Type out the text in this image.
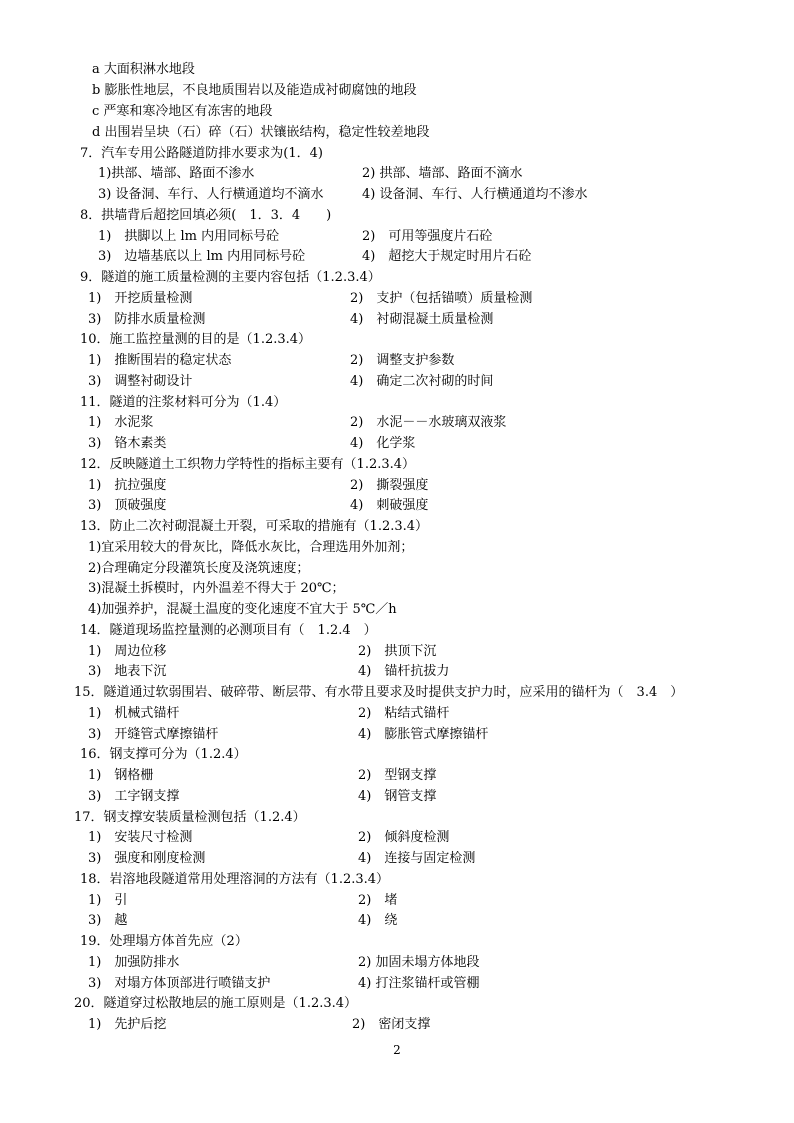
a 大面积淋水地段
b 膨胀性地层，不良地质围岩以及能造成衬砌腐蚀的地段
c 严寒和寒冷地区有冻害的地段
d 出围岩呈块（石）碎（石）状镶嵌结构，稳定性较差地段
7．汽车专用公路隧道防排水要求为(1．4)
1)拱部、墙部、路面不渗水	2) 拱部、墙部、路面不滴水
3) 设备洞、车行、人行横通道均不滴水	4) 设备洞、车行、人行横通道均不渗水
8．拱墙背后超挖回填必须(　1．3．4　　)
1)　拱脚以上 lm 内用同标号砼	2)　可用等强度片石砼
3)　边墙基底以上 lm 内用同标号砼	4)　超挖大于规定时用片石砼
9．隧道的施工质量检测的主要内容包括（1.2.3.4）
1)　开挖质量检测	2)　支护（包括锚喷）质量检测
3)　防排水质量检测	4)　衬砌混凝土质量检测
10．施工监控量测的目的是（1.2.3.4）
1)　推断围岩的稳定状态	2)　调整支护参数
3)　调整衬砌设计	4)　确定二次衬砌的时间
11．隧道的注浆材料可分为（1.4）
1)　水泥浆	2)　水泥－－水玻璃双液浆
3)　铬木素类	4)　化学浆
12．反映隧道土工织物力学特性的指标主要有（1.2.3.4）
1)　抗拉强度	2)　撕裂强度
3)　顶破强度	4)　刺破强度
13．防止二次衬砌混凝土开裂，可采取的措施有（1.2.3.4）
1)宜采用较大的骨灰比，降低水灰比，合理选用外加剂；
2)合理确定分段灌筑长度及浇筑速度；
3)混凝土拆模时，内外温差不得大于 20℃；
4)加强养护，混凝土温度的变化速度不宜大于 5℃／h
14．隧道现场监控量测的必测项目有（　1.2.4　）
1)　周边位移	2)　拱顶下沉
3)　地表下沉	4)　锚杆抗拔力
15．隧道通过软弱围岩、破碎带、断层带、有水带且要求及时提供支护力时，应采用的锚杆为（　3.4　）
1)　机械式锚杆	2)　粘结式锚杆
3)　开缝管式摩擦锚杆	4)　膨胀管式摩擦锚杆
16．钢支撑可分为（1.2.4）
1)　钢格栅	2)　型钢支撑
3)　工字钢支撑	4)　钢管支撑
17．钢支撑安装质量检测包括（1.2.4）
1)　安装尺寸检测	2)　倾斜度检测
3)　强度和刚度检测	4)　连接与固定检测
18．岩溶地段隧道常用处理溶洞的方法有（1.2.3.4）
1)　引	2)　堵
3)　越	4)　绕
19．处理塌方体首先应（2）
1)　加强防排水	2) 加固未塌方体地段
3)　对塌方体顶部进行喷锚支护	4) 打注浆锚杆或管棚
20．隧道穿过松散地层的施工原则是（1.2.3.4）
1)　先护后挖	2)　密闭支撑
2
